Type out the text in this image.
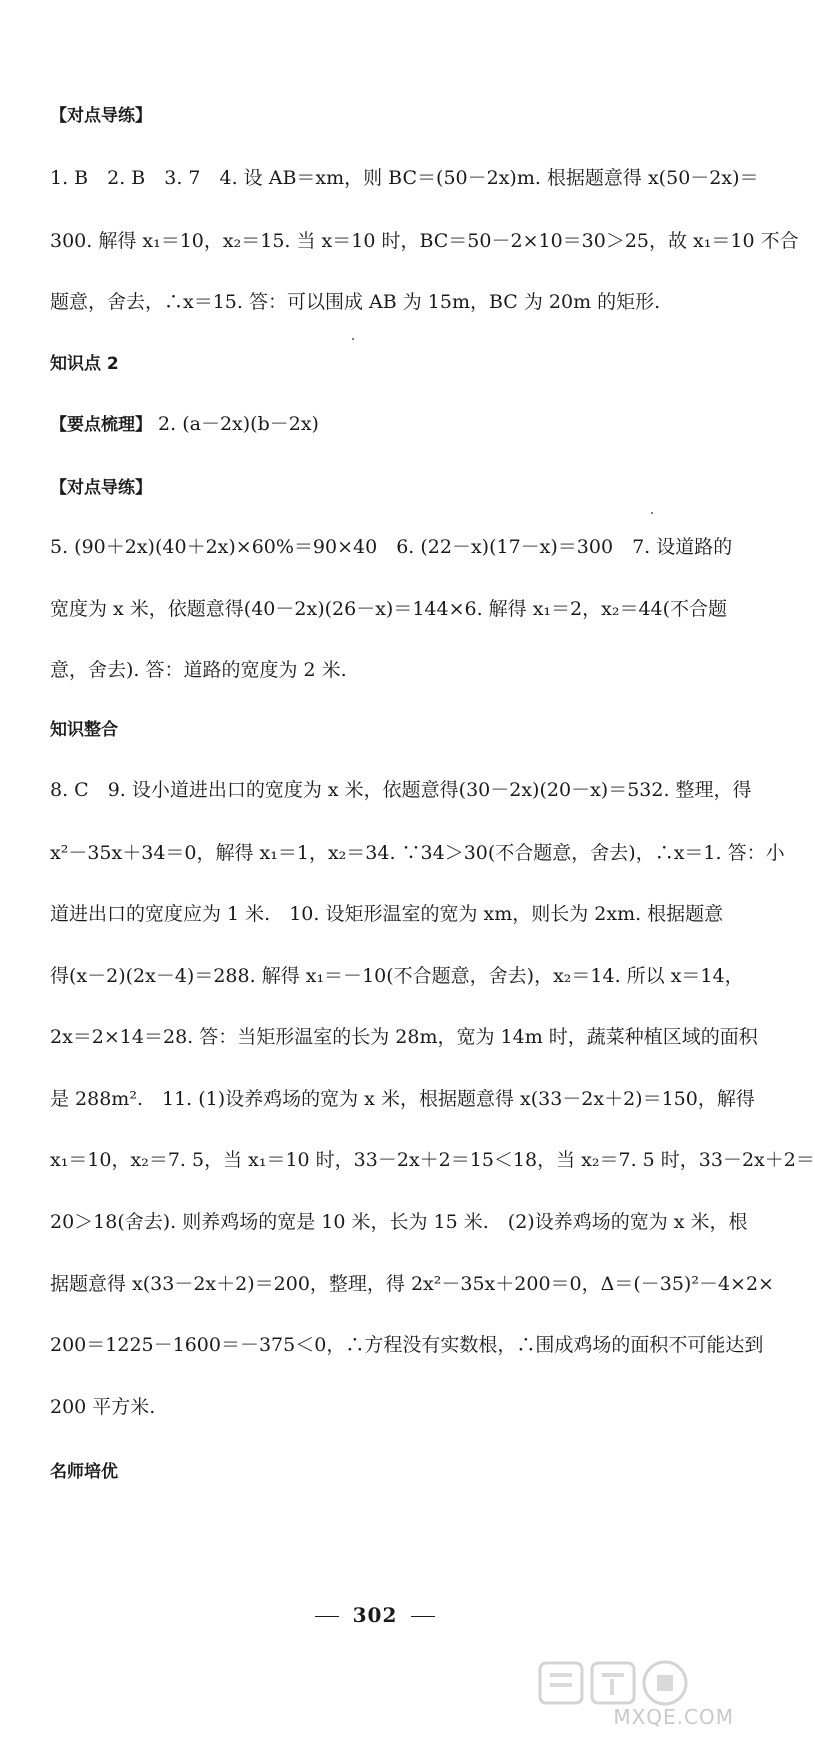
【对点导练】
1. B　2. B　3. 7　4. 设 AB＝xm，则 BC＝(50－2x)m. 根据题意得 x(50－2x)＝
300. 解得 x₁＝10，x₂＝15. 当 x＝10 时，BC＝50－2×10＝30＞25，故 x₁＝10 不合
题意，舍去，∴x＝15. 答：可以围成 AB 为 15m，BC 为 20m 的矩形.
知识点 2
【要点梳理】 2. (a－2x)(b－2x)
【对点导练】
5. (90＋2x)(40＋2x)×60%＝90×40　6. (22－x)(17－x)＝300　7. 设道路的
宽度为 x 米，依题意得(40－2x)(26－x)＝144×6. 解得 x₁＝2，x₂＝44(不合题
意，舍去). 答：道路的宽度为 2 米.
知识整合
8. C　9. 设小道进出口的宽度为 x 米，依题意得(30－2x)(20－x)＝532. 整理，得
x²－35x＋34＝0，解得 x₁＝1，x₂＝34. ∵34＞30(不合题意，舍去)，∴x＝1. 答：小
道进出口的宽度应为 1 米.　10. 设矩形温室的宽为 xm，则长为 2xm. 根据题意
得(x－2)(2x－4)＝288. 解得 x₁＝－10(不合题意，舍去)，x₂＝14. 所以 x＝14，
2x＝2×14＝28. 答：当矩形温室的长为 28m，宽为 14m 时，蔬菜种植区域的面积
是 288m².　11. (1)设养鸡场的宽为 x 米，根据题意得 x(33－2x＋2)＝150，解得
x₁＝10，x₂＝7. 5，当 x₁＝10 时，33－2x＋2＝15＜18，当 x₂＝7. 5 时，33－2x＋2＝
20＞18(舍去). 则养鸡场的宽是 10 米，长为 15 米.　(2)设养鸡场的宽为 x 米，根
据题意得 x(33－2x＋2)＝200，整理，得 2x²－35x＋200＝0，Δ＝(－35)²－4×2×
200＝1225－1600＝－375＜0，∴方程没有实数根，∴围成鸡场的面积不可能达到
200 平方米.
名师培优
302
MXQE.COM
